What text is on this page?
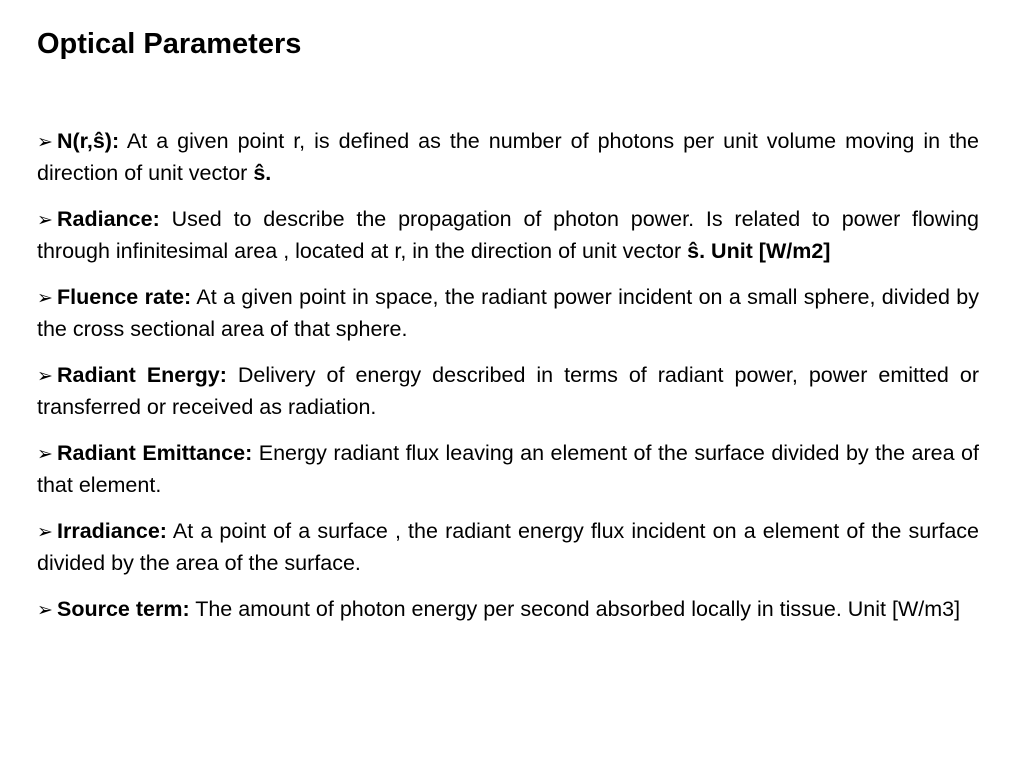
Optical Parameters
➢ N(r,ŝ): At a given point r, is defined as the number of photons per unit volume moving in the direction of unit vector ŝ.
➢ Radiance: Used to describe the propagation of photon power. Is related to power flowing through infinitesimal area , located at r, in the direction of unit vector ŝ. Unit [W/m2]
➢ Fluence rate: At a given point in space, the radiant power incident on a small sphere, divided by the cross sectional area of that sphere.
➢ Radiant Energy: Delivery of energy described in terms of radiant power, power emitted or transferred or received as radiation.
➢ Radiant Emittance: Energy radiant flux leaving an element of the surface divided by the area of that element.
➢ Irradiance: At a point of a surface , the radiant energy flux incident on a element of the surface divided by the area of the surface.
➢ Source term: The amount of photon energy per second absorbed locally in tissue. Unit [W/m3]
